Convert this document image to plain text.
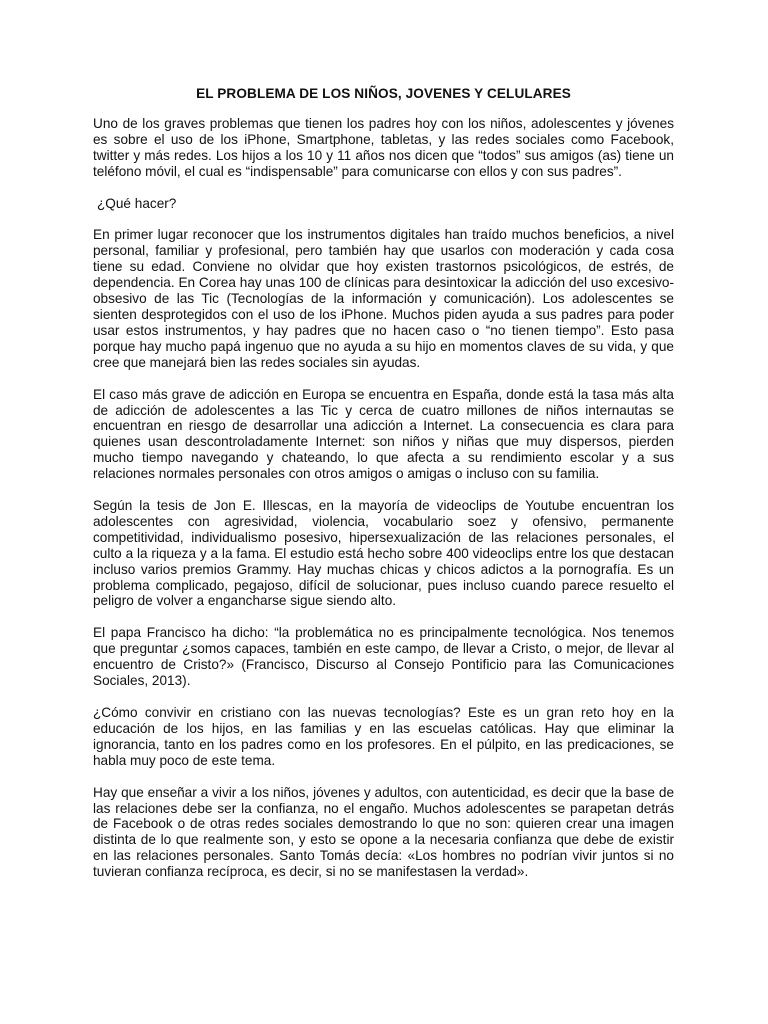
EL PROBLEMA DE LOS NIÑOS, JOVENES Y CELULARES

Uno de los graves problemas que tienen los padres hoy con los niños, adolescentes y jóvenes es sobre el uso de los iPhone, Smartphone, tabletas, y las redes sociales como Facebook, twitter y más redes. Los hijos a los 10 y 11 años nos dicen que “todos” sus amigos (as) tiene un teléfono móvil, el cual es “indispensable” para comunicarse con ellos y con sus padres”.

¿Qué hacer?

En primer lugar reconocer que los instrumentos digitales han traído muchos beneficios, a nivel personal, familiar y profesional, pero también hay que usarlos con moderación y cada cosa tiene su edad. Conviene no olvidar que hoy existen trastornos psicológicos, de estrés, de dependencia. En Corea hay unas 100 de clínicas para desintoxicar la adicción del uso excesivo-obsesivo de las Tic (Tecnologías de la información y comunicación). Los adolescentes se sienten desprotegidos con el uso de los iPhone. Muchos piden ayuda a sus padres para poder usar estos instrumentos, y hay padres que no hacen caso o “no tienen tiempo”. Esto pasa porque hay mucho papá ingenuo que no ayuda a su hijo en momentos claves de su vida, y que cree que manejará bien las redes sociales sin ayudas.

El caso más grave de adicción en Europa se encuentra en España, donde está la tasa más alta de adicción de adolescentes a las Tic y cerca de cuatro millones de niños internautas se encuentran en riesgo de desarrollar una adicción a Internet. La consecuencia es clara para quienes usan descontroladamente Internet: son niños y niñas que muy dispersos, pierden mucho tiempo navegando y chateando, lo que afecta a su rendimiento escolar y a sus relaciones normales personales con otros amigos o amigas o incluso con su familia.

Según la tesis de Jon E. Illescas, en la mayoría de videoclips de Youtube encuentran los adolescentes con agresividad, violencia, vocabulario soez y ofensivo, permanente competitividad, individualismo posesivo, hipersexualización de las relaciones personales, el culto a la riqueza y a la fama. El estudio está hecho sobre 400 videoclips entre los que destacan incluso varios premios Grammy. Hay muchas chicas y chicos adictos a la pornografía. Es un problema complicado, pegajoso, difícil de solucionar, pues incluso cuando parece resuelto el peligro de volver a engancharse sigue siendo alto.

El papa Francisco ha dicho: “la problemática no es principalmente tecnológica. Nos tenemos que preguntar ¿somos capaces, también en este campo, de llevar a Cristo, o mejor, de llevar al encuentro de Cristo?» (Francisco, Discurso al Consejo Pontificio para las Comunicaciones Sociales, 2013).

¿Cómo convivir en cristiano con las nuevas tecnologías? Este es un gran reto hoy en la educación de los hijos, en las familias y en las escuelas católicas. Hay que eliminar la ignorancia, tanto en los padres como en los profesores. En el púlpito, en las predicaciones, se habla muy poco de este tema.

Hay que enseñar a vivir a los niños, jóvenes y adultos, con autenticidad, es decir que la base de las relaciones debe ser la confianza, no el engaño. Muchos adolescentes se parapetan detrás de Facebook o de otras redes sociales demostrando lo que no son: quieren crear una imagen distinta de lo que realmente son, y esto se opone a la necesaria confianza que debe de existir en las relaciones personales. Santo Tomás decía: «Los hombres no podrían vivir juntos si no tuvieran confianza recíproca, es decir, si no se manifestasen la verdad».
